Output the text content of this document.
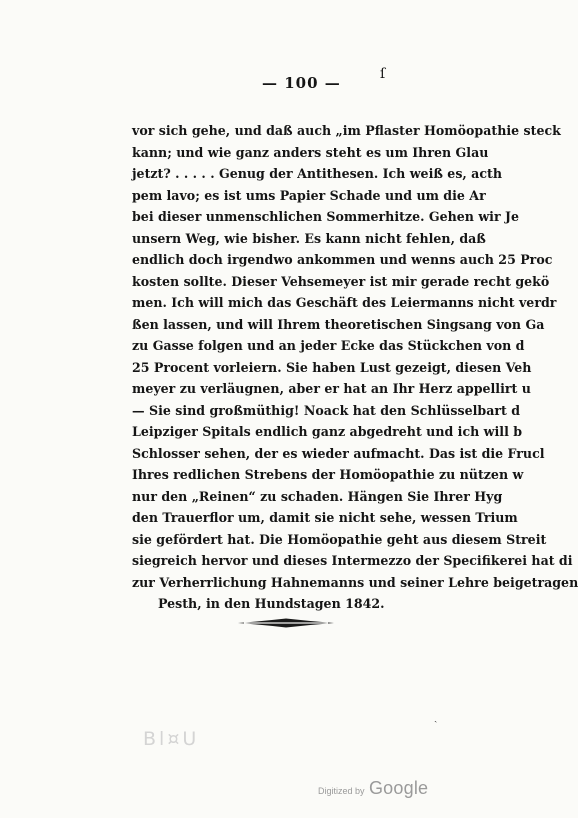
ſ
— 100 —
vor sich gehe, und daß auch „im Pflaster Homöopathie steck
kann; und wie ganz anders steht es um Ihren Glau
jetzt? . . . . . Genug der Antithesen. Ich weiß es, acth
pem lavo; es ist ums Papier Schade und um die Ar
bei dieser unmenschlichen Sommerhitze. Gehen wir Je
unsern Weg, wie bisher. Es kann nicht fehlen, daß
endlich doch irgendwo ankommen und wenns auch 25 Proc
kosten sollte. Dieser Vehsemeyer ist mir gerade recht gekö
men. Ich will mich das Geschäft des Leiermanns nicht verdr
ßen lassen, und will Ihrem theoretischen Singsang von Ga
zu Gasse folgen und an jeder Ecke das Stückchen von d
25 Procent vorleiern. Sie haben Lust gezeigt, diesen Veh
meyer zu verläugnen, aber er hat an Ihr Herz appellirt u
— Sie sind großmüthig! Noack hat den Schlüsselbart d
Leipziger Spitals endlich ganz abgedreht und ich will b
Schlosser sehen, der es wieder aufmacht. Das ist die Frucl
Ihres redlichen Strebens der Homöopathie zu nützen w
nur den „Reinen“ zu schaden. Hängen Sie Ihrer Hyg
den Trauerflor um, damit sie nicht sehe, wessen Trium
sie gefördert hat. Die Homöopathie geht aus diesem Streit
siegreich hervor und dieses Intermezzo der Specifikerei hat di
zur Verherrlichung Hahnemanns und seiner Lehre beigetragen
Pesth, in den Hundstagen 1842.
Bl¤U
ˎ
Digitized by Google
